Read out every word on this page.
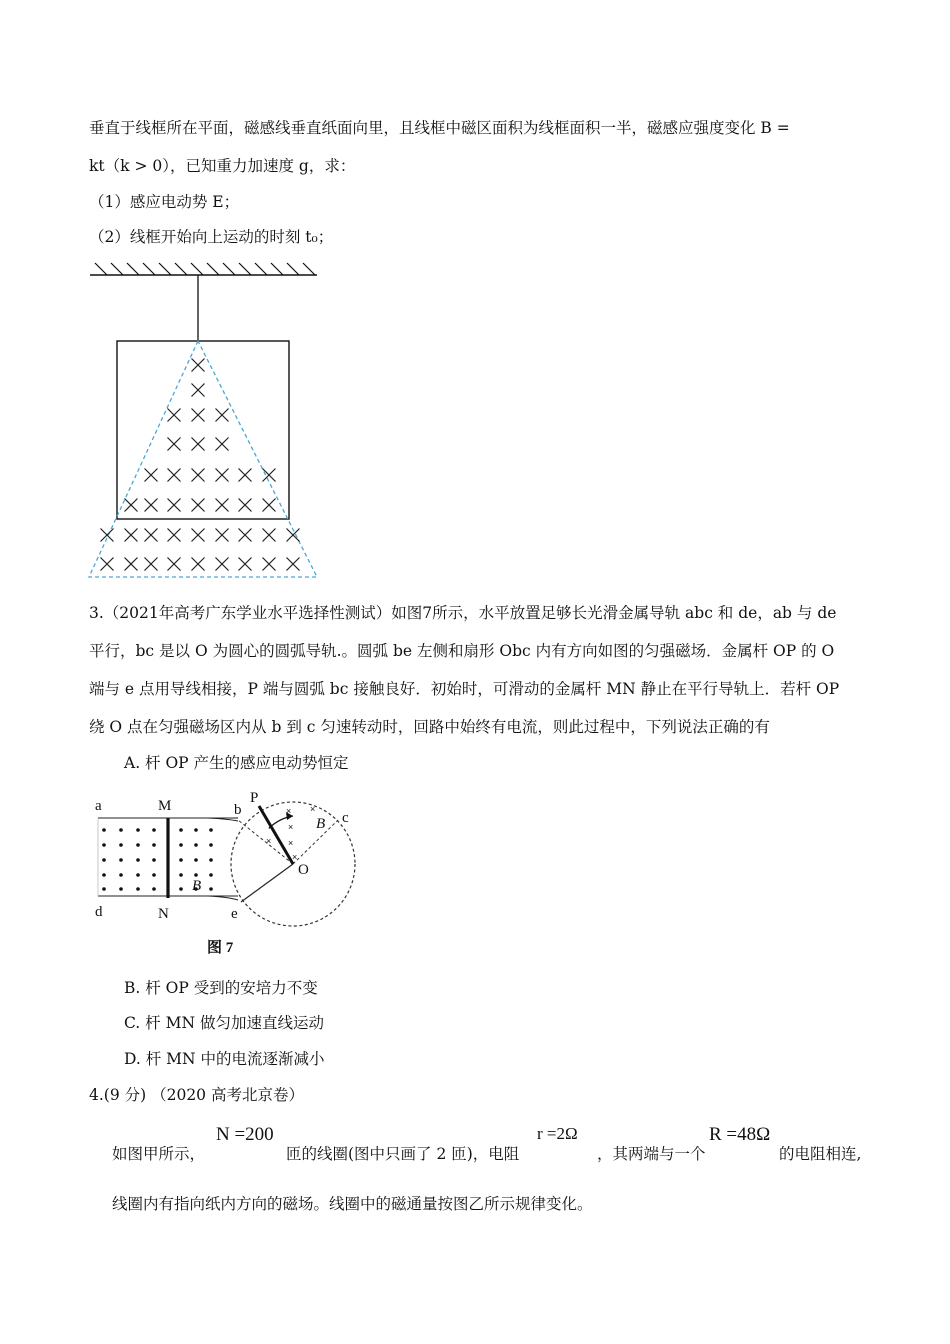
垂直于线框所在平面，磁感线垂直纸面向里，且线框中磁区面积为线框面积一半，磁感应强度变化 B =
kt（k > 0），已知重力加速度 g，求：
（1）感应电动势 E；
（2）线框开始向上运动的时刻 t₀；
3.（2021年高考广东学业水平选择性测试）如图7所示，水平放置足够长光滑金属导轨 abc 和 de，ab 与 de
平行，bc 是以 O 为圆心的圆弧导轨.。圆弧 be 左侧和扇形 Obc 内有方向如图的匀强磁场．金属杆 OP 的 O
端与 e 点用导线相接，P 端与圆弧 bc 接触良好．初始时，可滑动的金属杆 MN 静止在平行导轨上．若杆 OP
绕 O 点在匀强磁场区内从 b 到 c 匀速转动时，回路中始终有电流，则此过程中，下列说法正确的有
A. 杆 OP 产生的感应电动势恒定
× ×
× ×
× ×
×
a	M	b
P
c
B
B
O
d	N	e
图 7
B. 杆 OP 受到的安培力不变
C. 杆 MN 做匀加速直线运动
D. 杆 MN 中的电流逐渐减小
4.(9 分) （2020 高考北京卷）
如图甲所示，
N =200
匝的线圈(图中只画了 2 匝)，电阻
r =2Ω
，其两端与一个
R =48Ω
的电阻相连,
线圈内有指向纸内方向的磁场。线圈中的磁通量按图乙所示规律变化。
